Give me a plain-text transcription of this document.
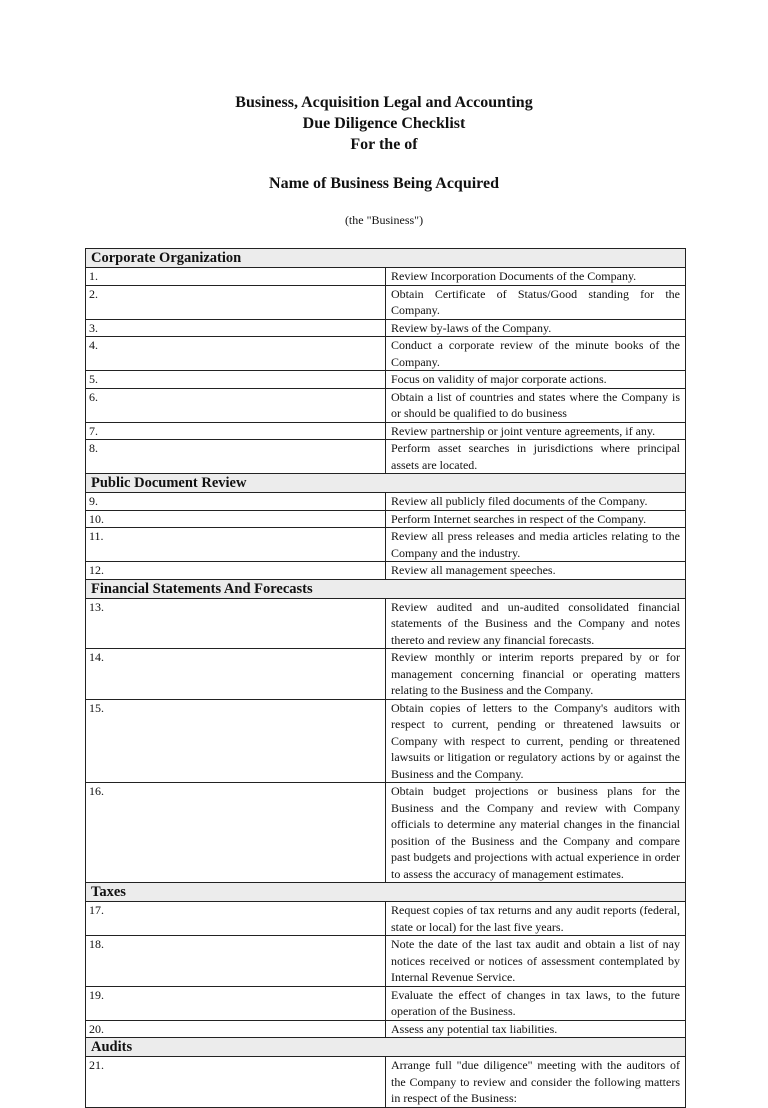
Business, Acquisition Legal and Accounting
Due Diligence Checklist
For the of
Name of Business Being Acquired
(the "Business")
Corporate Organization	
1.	Review Incorporation Documents of the Company.
2.	Obtain Certificate of Status/Good standing for the Company.
3.	Review by-laws of the Company.
4.	Conduct a corporate review of the minute books of the Company.
5.	Focus on validity of major corporate actions.
6.	Obtain a list of countries and states where the Company is or should be qualified to do business
7.	Review partnership or joint venture agreements, if any.
8.	Perform asset searches in jurisdictions where principal assets are located.
Public Document Review	
9.	Review all publicly filed documents of the Company.
10.	Perform Internet searches in respect of the Company.
11.	Review all press releases and media articles relating to the Company and the industry.
12.	Review all management speeches.
Financial Statements And Forecasts	
13.	Review audited and un-audited consolidated financial statements of the Business and the Company and notes thereto and review any financial forecasts.
14.	Review monthly or interim reports prepared by or for management concerning financial or operating matters relating to the Business and the Company.
15.	Obtain copies of letters to the Company's auditors with respect to current, pending or threatened lawsuits or Company with respect to current, pending or threatened lawsuits or litigation or regulatory actions by or against the Business and the Company.
16.	Obtain budget projections or business plans for the Business and the Company and review with Company officials to determine any material changes in the financial position of the Business and the Company and compare past budgets and projections with actual experience in order to assess the accuracy of management estimates.
Taxes	
17.	Request copies of tax returns and any audit reports (federal, state or local) for the last five years.
18.	Note the date of the last tax audit and obtain a list of nay notices received or notices of assessment contemplated by Internal Revenue Service.
19.	Evaluate the effect of changes in tax laws, to the future operation of the Business.
20.	Assess any potential tax liabilities.
Audits	
21.	Arrange full "due diligence" meeting with the auditors of the Company to review and consider the following matters in respect of the Business:
